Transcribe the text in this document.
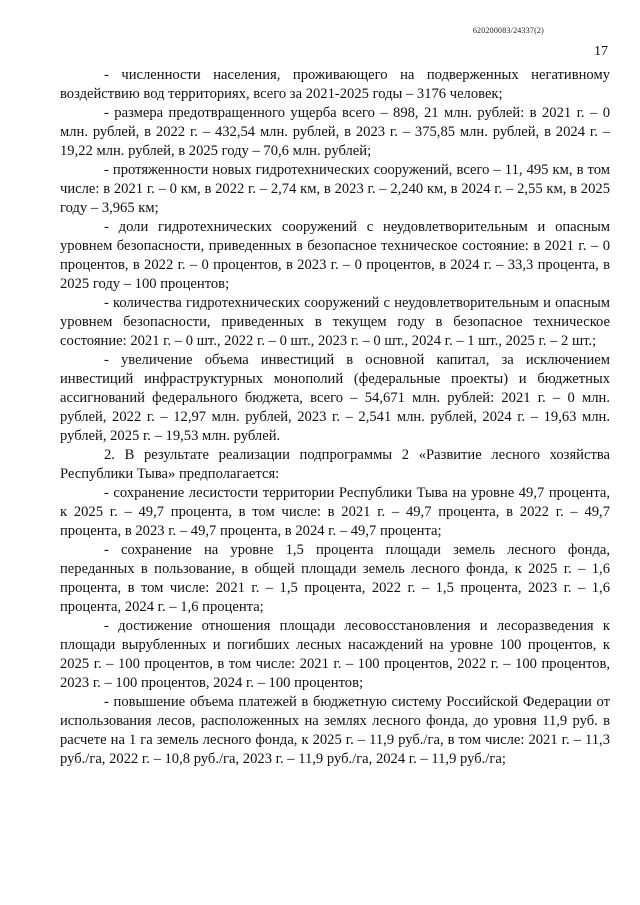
620200083/24337(2)
17

- численности населения, проживающего на подверженных негативному воздействию вод территориях, всего за 2021-2025 годы – 3176 человек;

- размера предотвращенного ущерба всего – 898, 21 млн. рублей: в 2021 г. – 0 млн. рублей, в 2022 г. – 432,54 млн. рублей, в 2023 г. – 375,85 млн. рублей, в 2024 г. – 19,22 млн. рублей, в 2025 году – 70,6 млн. рублей;

- протяженности новых гидротехнических сооружений, всего – 11, 495 км, в том числе: в 2021 г. – 0 км, в 2022 г. – 2,74 км, в 2023 г. – 2,240 км, в 2024 г. – 2,55 км, в 2025 году – 3,965 км;

- доли гидротехнических сооружений с неудовлетворительным и опасным уровнем безопасности, приведенных в безопасное техническое состояние: в 2021 г. – 0 процентов, в 2022 г. – 0 процентов, в 2023 г. – 0 процентов, в 2024 г. – 33,3 процента, в 2025 году – 100 процентов;

- количества гидротехнических сооружений с неудовлетворительным и опасным уровнем безопасности, приведенных в текущем году в безопасное техническое состояние: 2021 г. – 0 шт., 2022 г. – 0 шт., 2023 г. – 0 шт., 2024 г. – 1 шт., 2025 г. – 2 шт.;

- увеличение объема инвестиций в основной капитал, за исключением инвестиций инфраструктурных монополий (федеральные проекты) и бюджетных ассигнований федерального бюджета, всего – 54,671 млн. рублей: 2021 г. – 0 млн. рублей, 2022 г. – 12,97 млн. рублей, 2023 г. – 2,541 млн. рублей, 2024 г. – 19,63 млн. рублей, 2025 г. – 19,53 млн. рублей.

2. В результате реализации подпрограммы 2 «Развитие лесного хозяйства Республики Тыва» предполагается:

- сохранение лесистости территории Республики Тыва на уровне 49,7 процента, к 2025 г. – 49,7 процента, в том числе: в 2021 г. – 49,7 процента, в 2022 г. – 49,7 процента, в 2023 г. – 49,7 процента, в 2024 г. – 49,7 процента;

- сохранение на уровне 1,5 процента площади земель лесного фонда, переданных в пользование, в общей площади земель лесного фонда, к 2025 г. – 1,6 процента, в том числе: 2021 г. – 1,5 процента, 2022 г. – 1,5 процента, 2023 г. – 1,6 процента, 2024 г. – 1,6 процента;

- достижение отношения площади лесовосстановления и лесоразведения к площади вырубленных и погибших лесных насаждений на уровне 100 процентов, к 2025 г. – 100 процентов, в том числе: 2021 г. – 100 процентов, 2022 г. – 100 процентов, 2023 г. – 100 процентов, 2024 г. – 100 процентов;

- повышение объема платежей в бюджетную систему Российской Федерации от использования лесов, расположенных на землях лесного фонда, до уровня 11,9 руб. в расчете на 1 га земель лесного фонда, к 2025 г. – 11,9 руб./га, в том числе: 2021 г. – 11,3 руб./га, 2022 г. – 10,8 руб./га, 2023 г. – 11,9 руб./га, 2024 г. – 11,9 руб./га;
